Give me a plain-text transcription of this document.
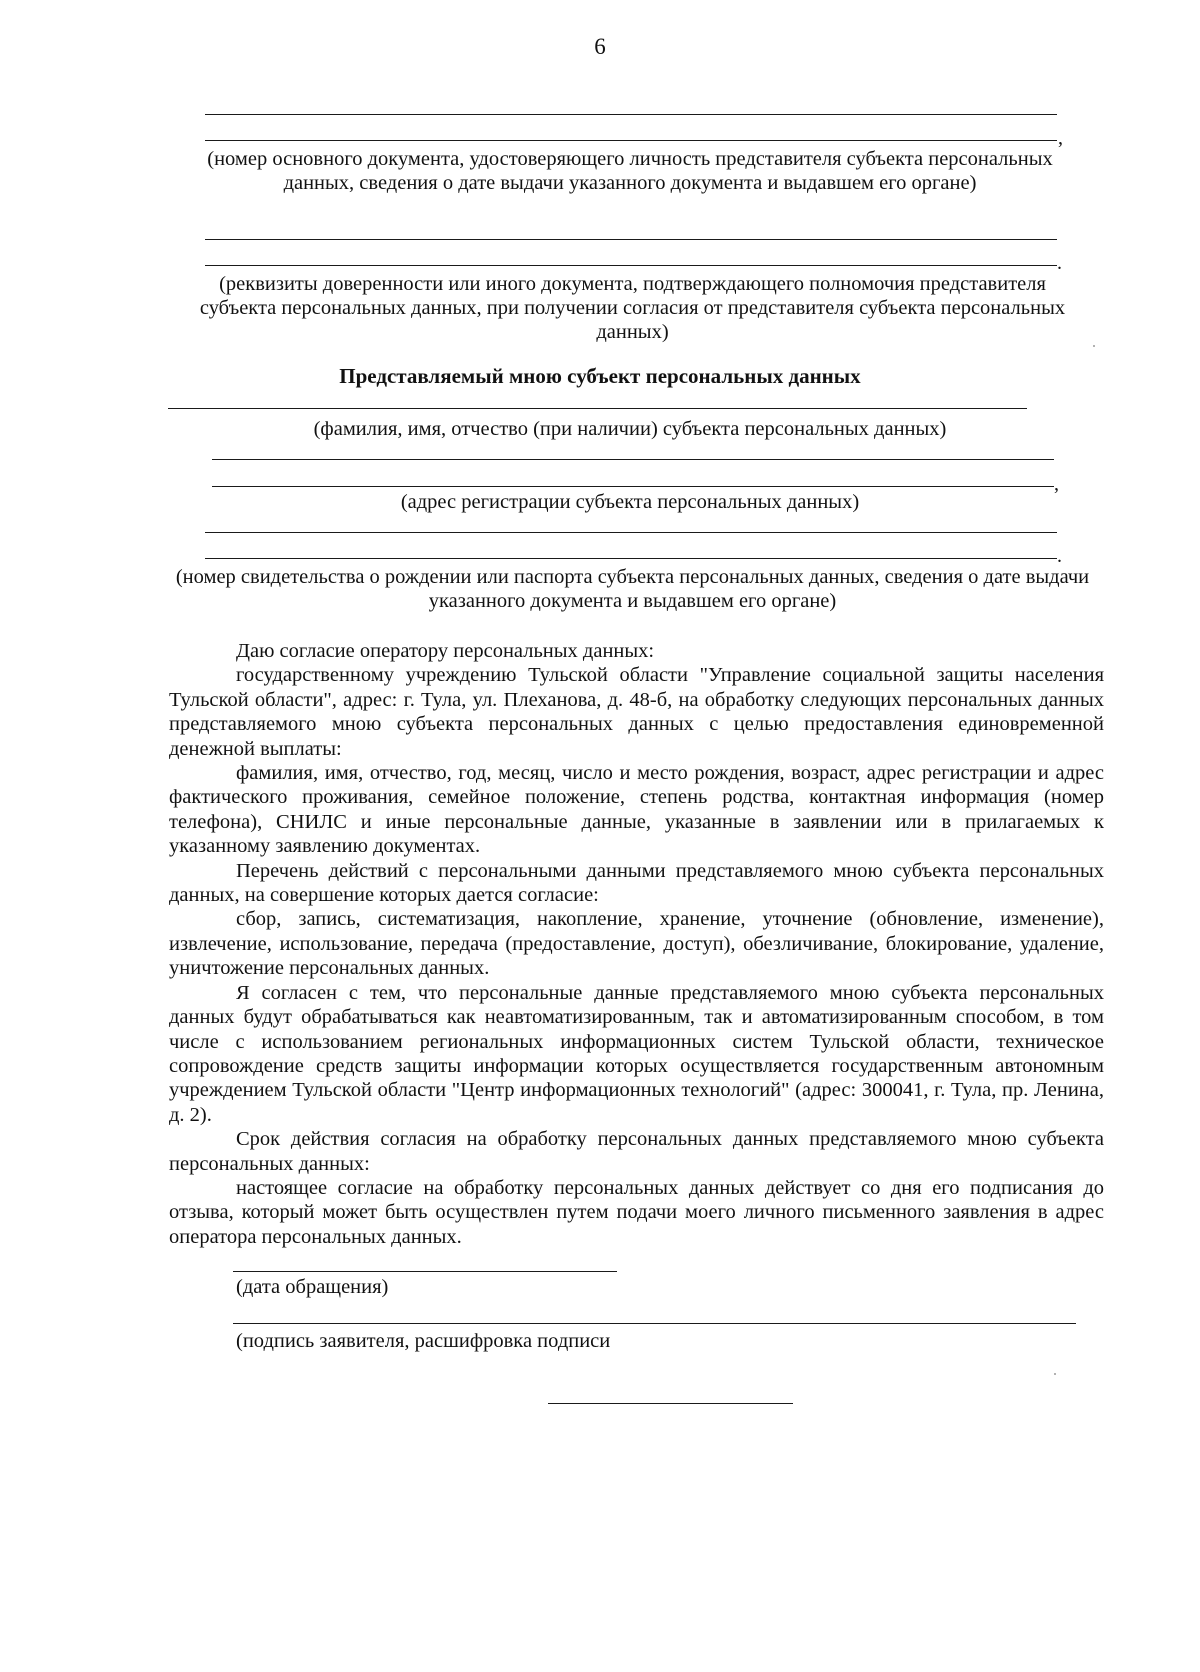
6
,
(номер основного документа, удостоверяющего личность представителя субъекта персональных данных, сведения о дате выдачи указанного документа и выдавшем его органе)
.
(реквизиты доверенности или иного документа, подтверждающего полномочия представителя субъекта персональных данных, при получении согласия от представителя субъекта персональных данных)
Представляемый мною субъект персональных данных
(фамилия, имя, отчество (при наличии) субъекта персональных данных)
,
(адрес регистрации субъекта персональных данных)
.
(номер свидетельства о рождении или паспорта субъекта персональных данных, сведения о дате выдачи указанного документа и выдавшем его органе)

Даю согласие оператору персональных данных:

государственному учреждению Тульской области "Управление социальной защиты населения Тульской области", адрес: г. Тула, ул. Плеханова, д. 48-б, на обработку следующих персональных данных представляемого мною субъекта персональных данных с целью предоставления единовременной денежной выплаты:

фамилия, имя, отчество, год, месяц, число и место рождения, возраст, адрес регистрации и адрес фактического проживания, семейное положение, степень родства, контактная информация (номер телефона), СНИЛС и иные персональные данные, указанные в заявлении или в прилагаемых к указанному заявлению документах.

Перечень действий с персональными данными представляемого мною субъекта персональных данных, на совершение которых дается согласие:

сбор, запись, систематизация, накопление, хранение, уточнение (обновление, изменение), извлечение, использование, передача (предоставление, доступ), обезличивание, блокирование, удаление, уничтожение персональных данных.

Я согласен с тем, что персональные данные представляемого мною субъекта персональных данных будут обрабатываться как неавтоматизированным, так и автоматизированным способом, в том числе с использованием региональных информационных систем Тульской области, техническое сопровождение средств защиты информации которых осуществляется государственным автономным учреждением Тульской области "Центр информационных технологий" (адрес: 300041, г. Тула, пр. Ленина, д. 2).

Срок действия согласия на обработку персональных данных представляемого мною субъекта персональных данных:

настоящее согласие на обработку персональных данных действует со дня его подписания до отзыва, который может быть осуществлен путем подачи моего личного письменного заявления в адрес оператора персональных данных.

(дата обращения)
(подпись заявителя, расшифровка подписи
